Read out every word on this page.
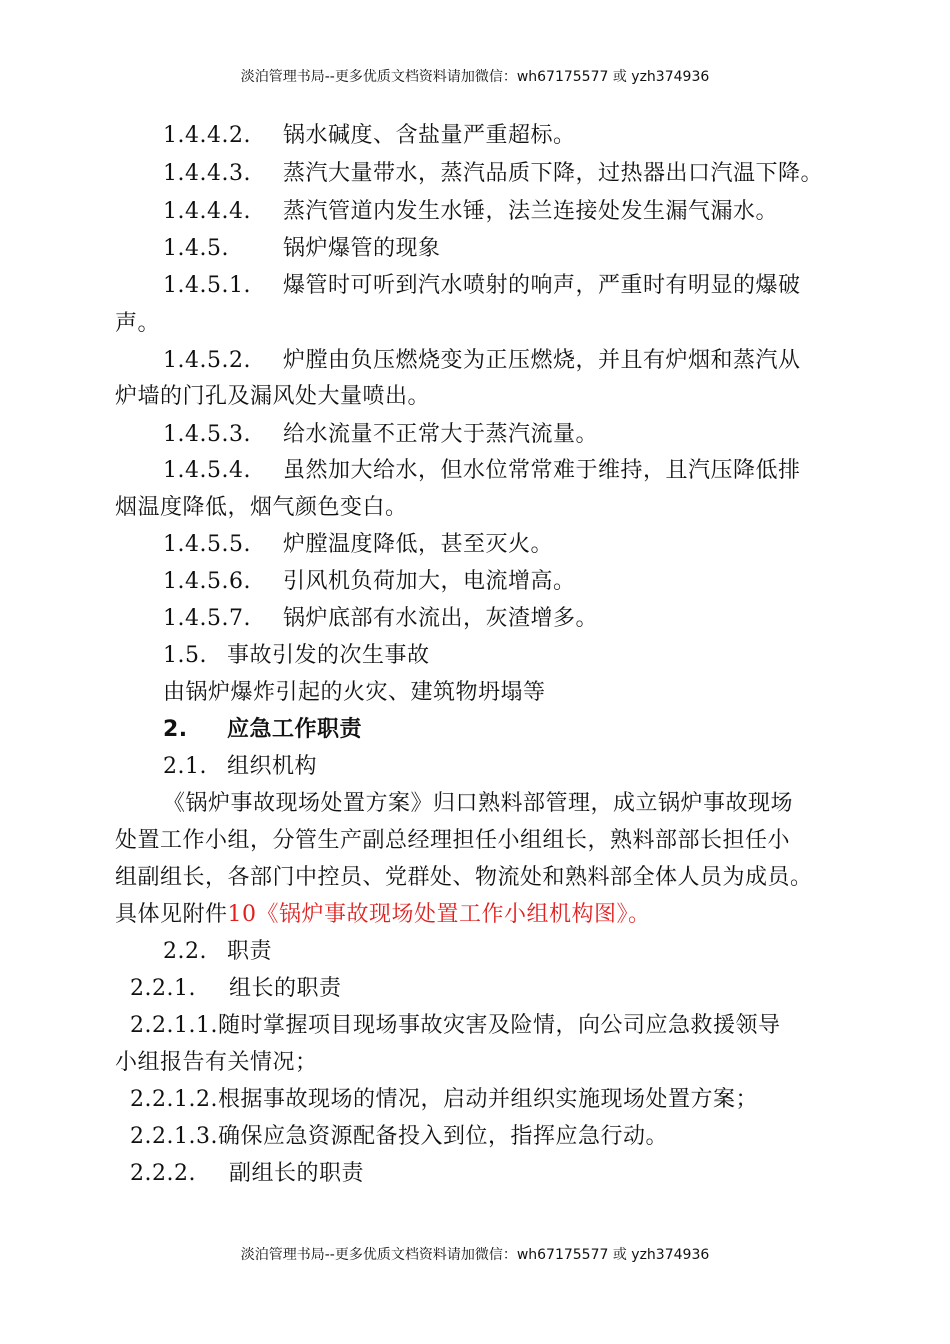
淡泊管理书局--更多优质文档资料请加微信：wh67175577 或 yzh374936
1.4.4.2. 锅水碱度、含盐量严重超标。
1.4.4.3. 蒸汽大量带水，蒸汽品质下降，过热器出口汽温下降。
1.4.4.4. 蒸汽管道内发生水锤，法兰连接处发生漏气漏水。
1.4.5. 锅炉爆管的现象
1.4.5.1. 爆管时可听到汽水喷射的响声，严重时有明显的爆破
声。
1.4.5.2. 炉膛由负压燃烧变为正压燃烧，并且有炉烟和蒸汽从
炉墙的门孔及漏风处大量喷出。
1.4.5.3. 给水流量不正常大于蒸汽流量。
1.4.5.4. 虽然加大给水，但水位常常难于维持，且汽压降低排
烟温度降低，烟气颜色变白。
1.4.5.5. 炉膛温度降低，甚至灭火。
1.4.5.6. 引风机负荷加大，电流增高。
1.4.5.7. 锅炉底部有水流出，灰渣增多。
1.5. 事故引发的次生事故
由锅炉爆炸引起的火灾、建筑物坍塌等
2. 应急工作职责
2.1. 组织机构
《锅炉事故现场处置方案》归口熟料部管理，成立锅炉事故现场
处置工作小组，分管生产副总经理担任小组组长，熟料部部长担任小
组副组长，各部门中控员、党群处、物流处和熟料部全体人员为成员。
具体见附件10《锅炉事故现场处置工作小组机构图》。
2.2. 职责
2.2.1. 组长的职责
2.2.1.1.随时掌握项目现场事故灾害及险情，向公司应急救援领导
小组报告有关情况；
2.2.1.2.根据事故现场的情况，启动并组织实施现场处置方案；
2.2.1.3.确保应急资源配备投入到位，指挥应急行动。
2.2.2. 副组长的职责
淡泊管理书局--更多优质文档资料请加微信：wh67175577 或 yzh374936
